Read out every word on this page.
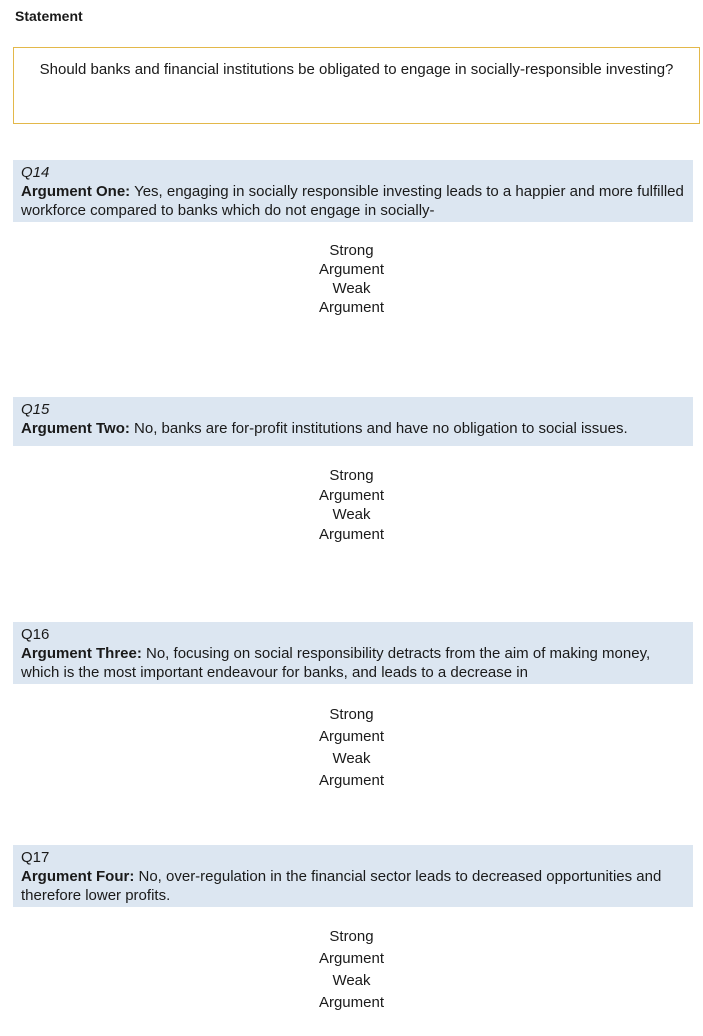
Statement
Should banks and financial institutions be obligated to engage in socially-responsible investing?
Q14
Argument One: Yes, engaging in socially responsible investing leads to a happier and more fulfilled workforce compared to banks which do not engage in socially-
Strong Argument
Weak Argument
Q15
Argument Two: No, banks are for-profit institutions and have no obligation to social issues.
Strong Argument
Weak Argument
Q16
Argument Three: No, focusing on social responsibility detracts from the aim of making money, which is the most important endeavour for banks, and leads to a decrease in
Strong Argument
Weak Argument
Q17
Argument Four: No, over-regulation in the financial sector leads to decreased opportunities and therefore lower profits.
Strong Argument
Weak Argument
